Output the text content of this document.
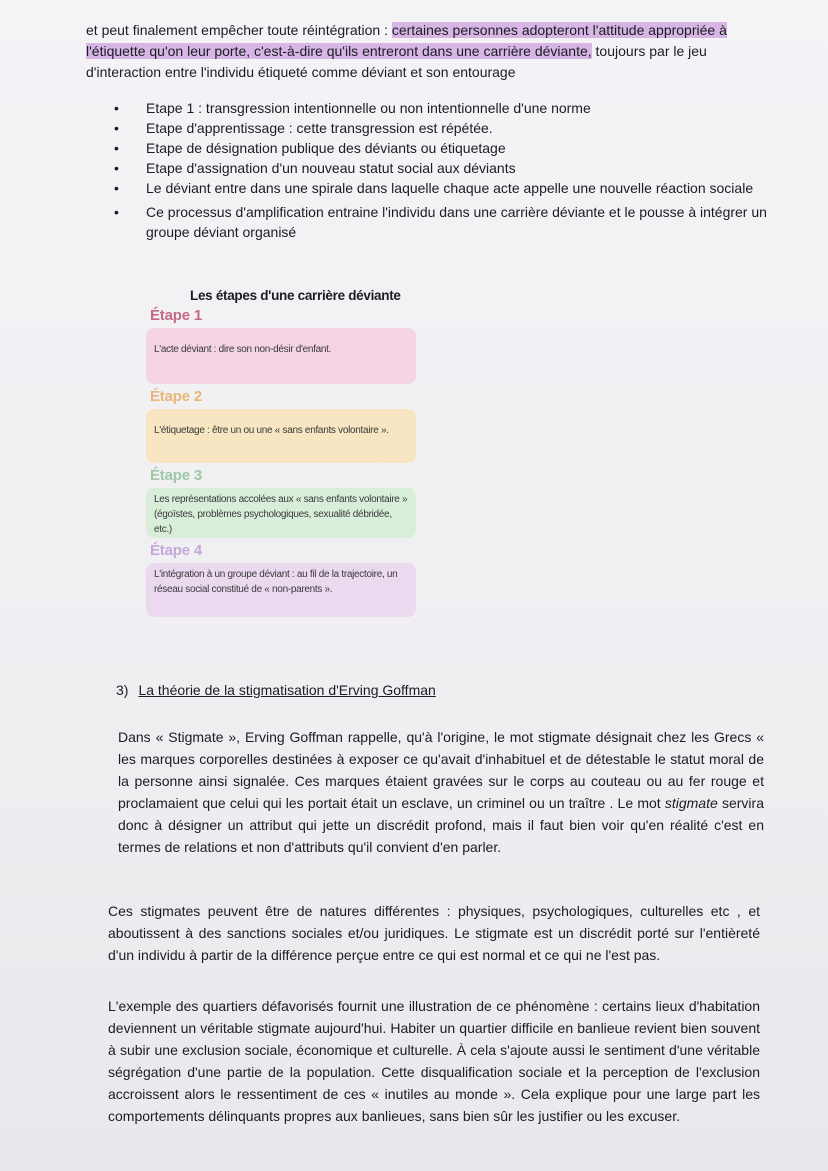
et peut finalement empêcher toute réintégration : certaines personnes adopteront l'attitude appropriée à l'étiquette qu'on leur porte, c'est-à-dire qu'ils entreront dans une carrière déviante, toujours par le jeu d'interaction entre l'individu étiqueté comme déviant et son entourage
• Etape 1 : transgression intentionnelle ou non intentionnelle d'une norme
• Etape d'apprentissage : cette transgression est répétée.
• Etape de désignation publique des déviants ou étiquetage
• Etape d'assignation d'un nouveau statut social aux déviants
• Le déviant entre dans une spirale dans laquelle chaque acte appelle une nouvelle réaction sociale
• Ce processus d'amplification entraine l'individu dans une carrière déviante et le pousse à intégrer un groupe déviant organisé
Les étapes d'une carrière déviante
Étape 1
L'acte déviant : dire son non-désir d'enfant.
Étape 2
L'étiquetage : être un ou une « sans enfants volontaire ».
Étape 3
Les représentations accolées aux « sans enfants volontaire » (égoïstes, problèmes psychologiques, sexualité débridée, etc.)
Étape 4
L'intégration à un groupe déviant : au fil de la trajectoire, un réseau social constitué de « non-parents ».
3) La théorie de la stigmatisation d'Erving Goffman

Dans « Stigmate », Erving Goffman rappelle, qu'à l'origine, le mot stigmate désignait chez les Grecs « les marques corporelles destinées à exposer ce qu'avait d'inhabituel et de détestable le statut moral de la personne ainsi signalée. Ces marques étaient gravées sur le corps au couteau ou au fer rouge et proclamaient que celui qui les portait était un esclave, un criminel ou un traître . Le mot stigmate servira donc à désigner un attribut qui jette un discrédit profond, mais il faut bien voir qu'en réalité c'est en termes de relations et non d'attributs qu'il convient d'en parler.

Ces stigmates peuvent être de natures différentes : physiques, psychologiques, culturelles etc , et aboutissent à des sanctions sociales et/ou juridiques. Le stigmate est un discrédit porté sur l'entièreté d'un individu à partir de la différence perçue entre ce qui est normal et ce qui ne l'est pas.

L'exemple des quartiers défavorisés fournit une illustration de ce phénomène : certains lieux d'habitation deviennent un véritable stigmate aujourd'hui. Habiter un quartier difficile en banlieue revient bien souvent à subir une exclusion sociale, économique et culturelle. À cela s'ajoute aussi le sentiment d'une véritable ségrégation d'une partie de la population. Cette disqualification sociale et la perception de l'exclusion accroissent alors le ressentiment de ces « inutiles au monde ». Cela explique pour une large part les comportements délinquants propres aux banlieues, sans bien sûr les justifier ou les excuser.
